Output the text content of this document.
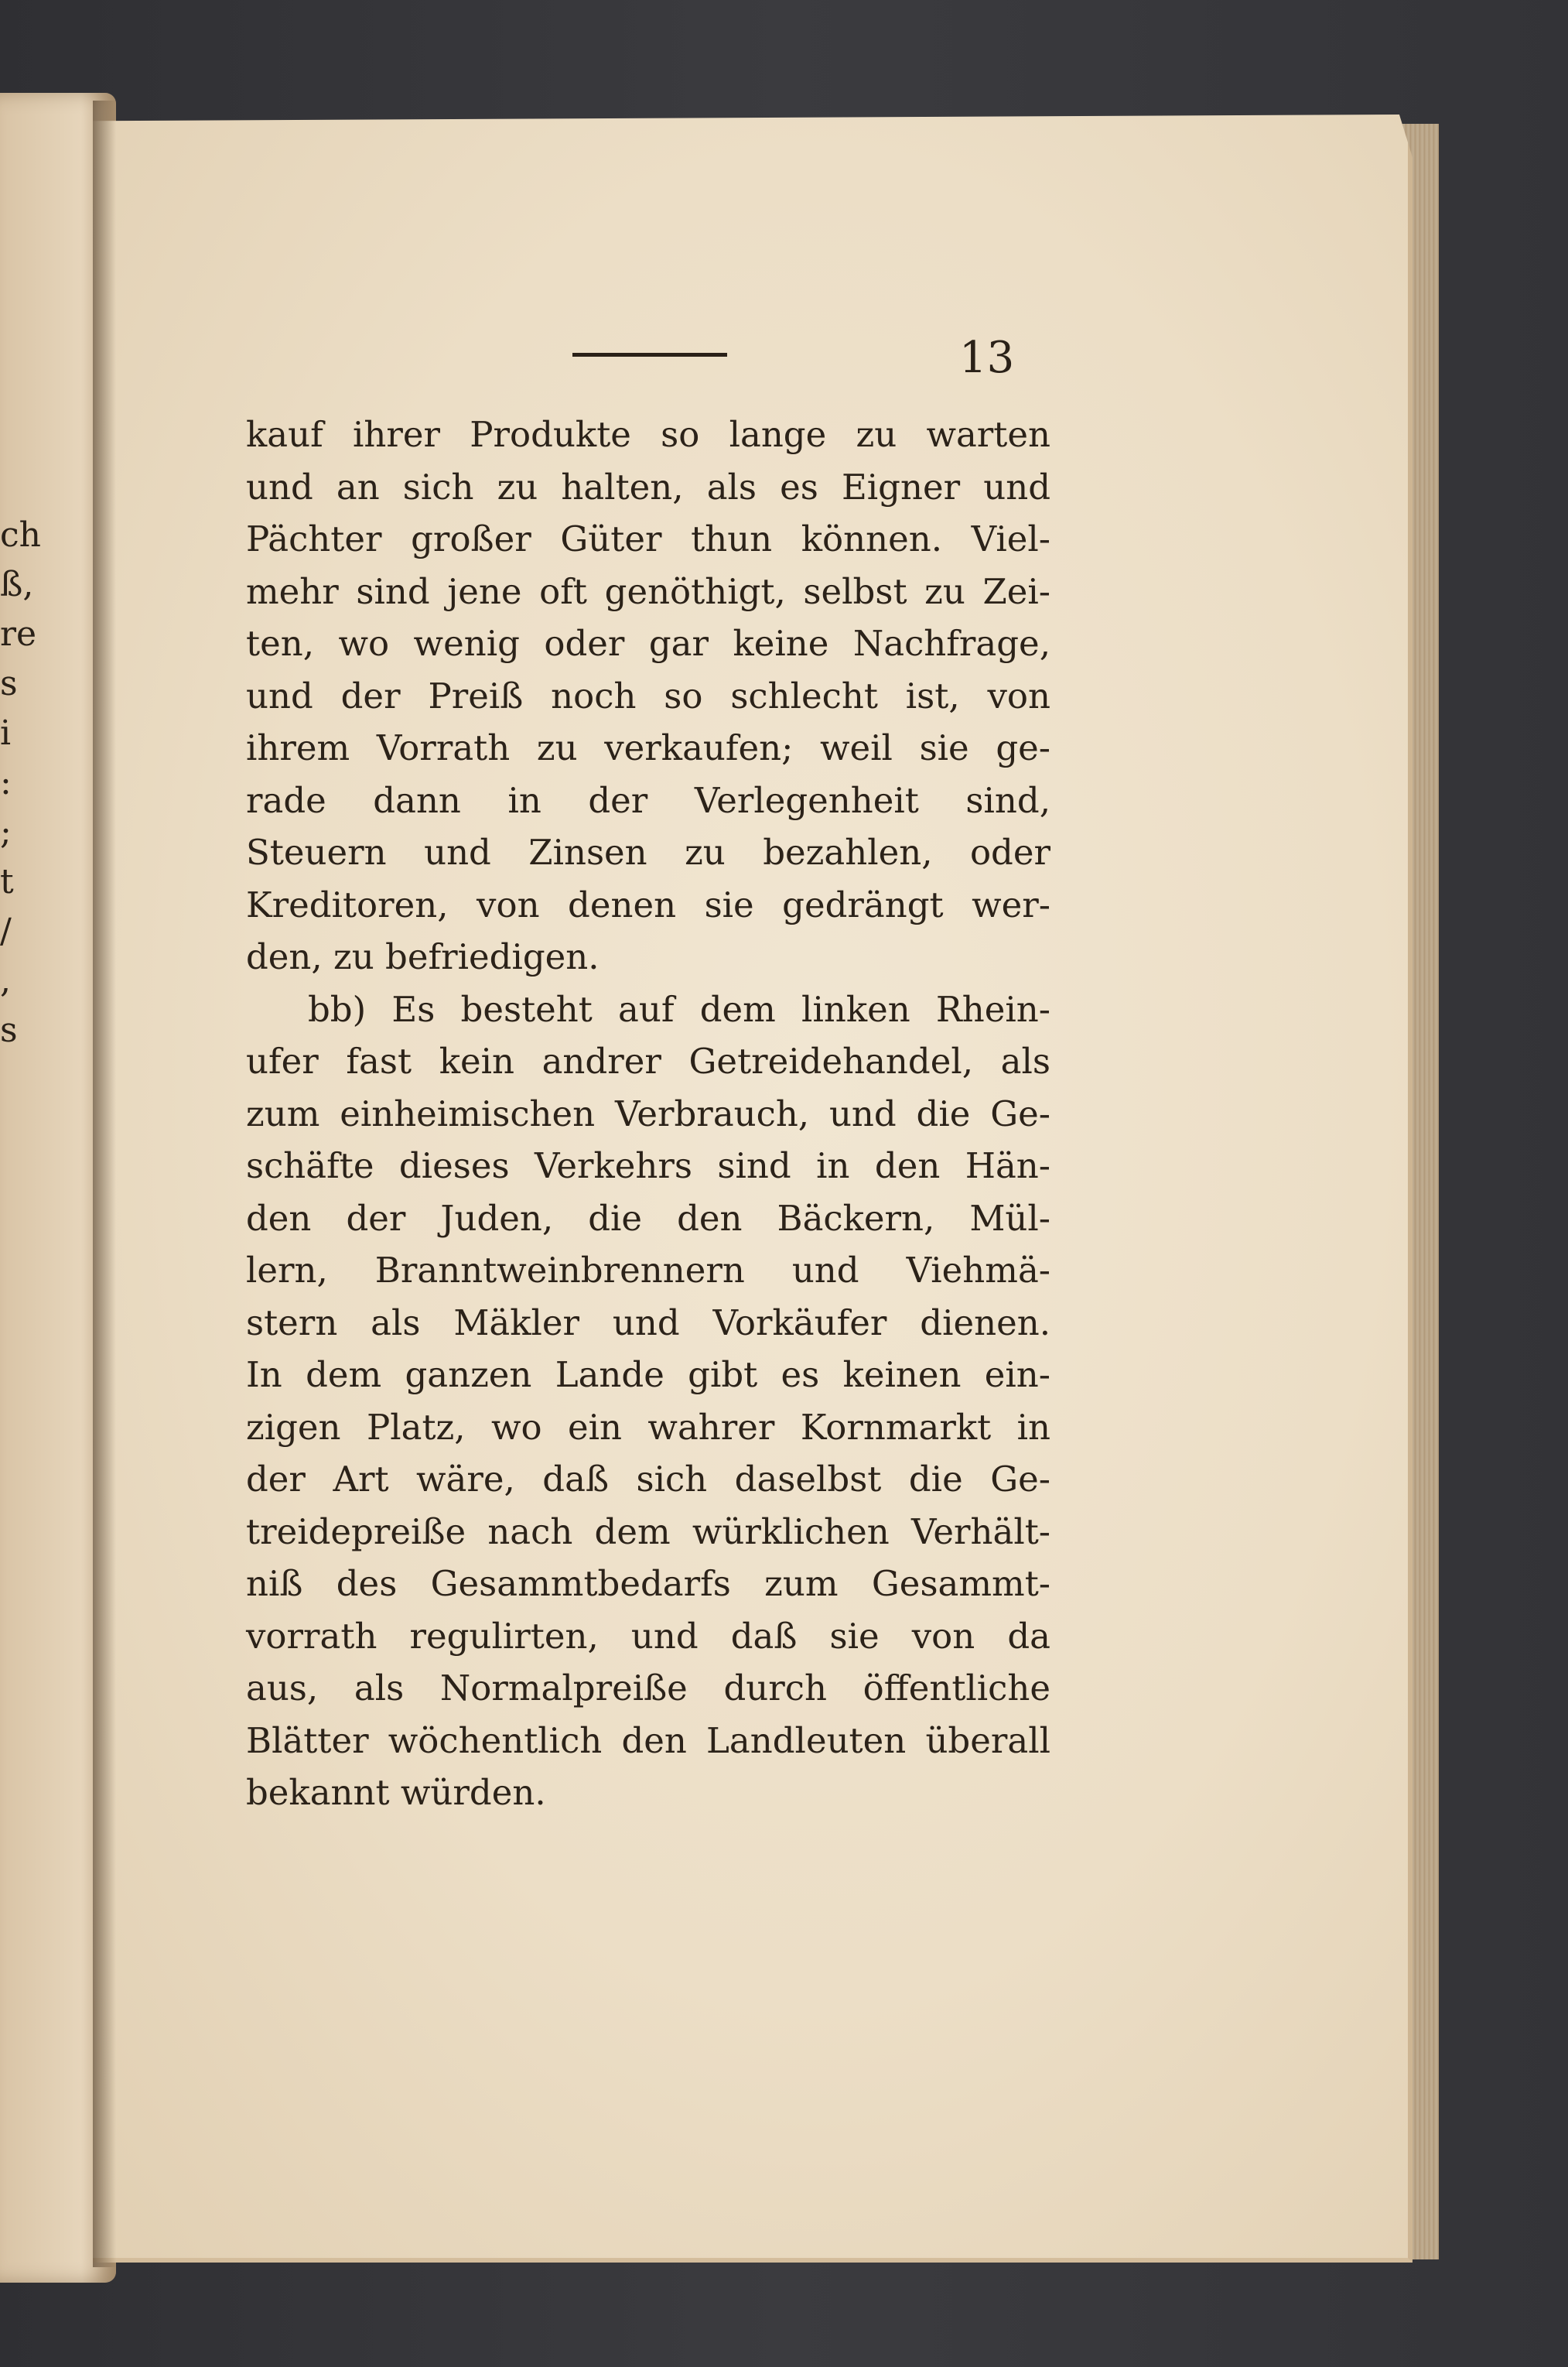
ch
ß,
re
s
i
:
;
t
/
,
s
13
kauf ihrer Produkte so lange zu warten
und an sich zu halten, als es Eigner und
Pächter großer Güter thun können. Viel-
mehr sind jene oft genöthigt, selbst zu Zei-
ten, wo wenig oder gar keine Nachfrage,
und der Preiß noch so schlecht ist, von
ihrem Vorrath zu verkaufen; weil sie ge-
rade dann in der Verlegenheit sind,
Steuern und Zinsen zu bezahlen, oder
Kreditoren, von denen sie gedrängt wer-
den, zu befriedigen.
bb) Es besteht auf dem linken Rhein-
ufer fast kein andrer Getreidehandel, als
zum einheimischen Verbrauch, und die Ge-
schäfte dieses Verkehrs sind in den Hän-
den der Juden, die den Bäckern, Mül-
lern, Branntweinbrennern und Viehmä-
stern als Mäkler und Vorkäufer dienen.
In dem ganzen Lande gibt es keinen ein-
zigen Platz, wo ein wahrer Kornmarkt in
der Art wäre, daß sich daselbst die Ge-
treidepreiße nach dem würklichen Verhält-
niß des Gesammtbedarfs zum Gesammt-
vorrath regulirten, und daß sie von da
aus, als Normalpreiße durch öffentliche
Blätter wöchentlich den Landleuten überall
bekannt würden.
